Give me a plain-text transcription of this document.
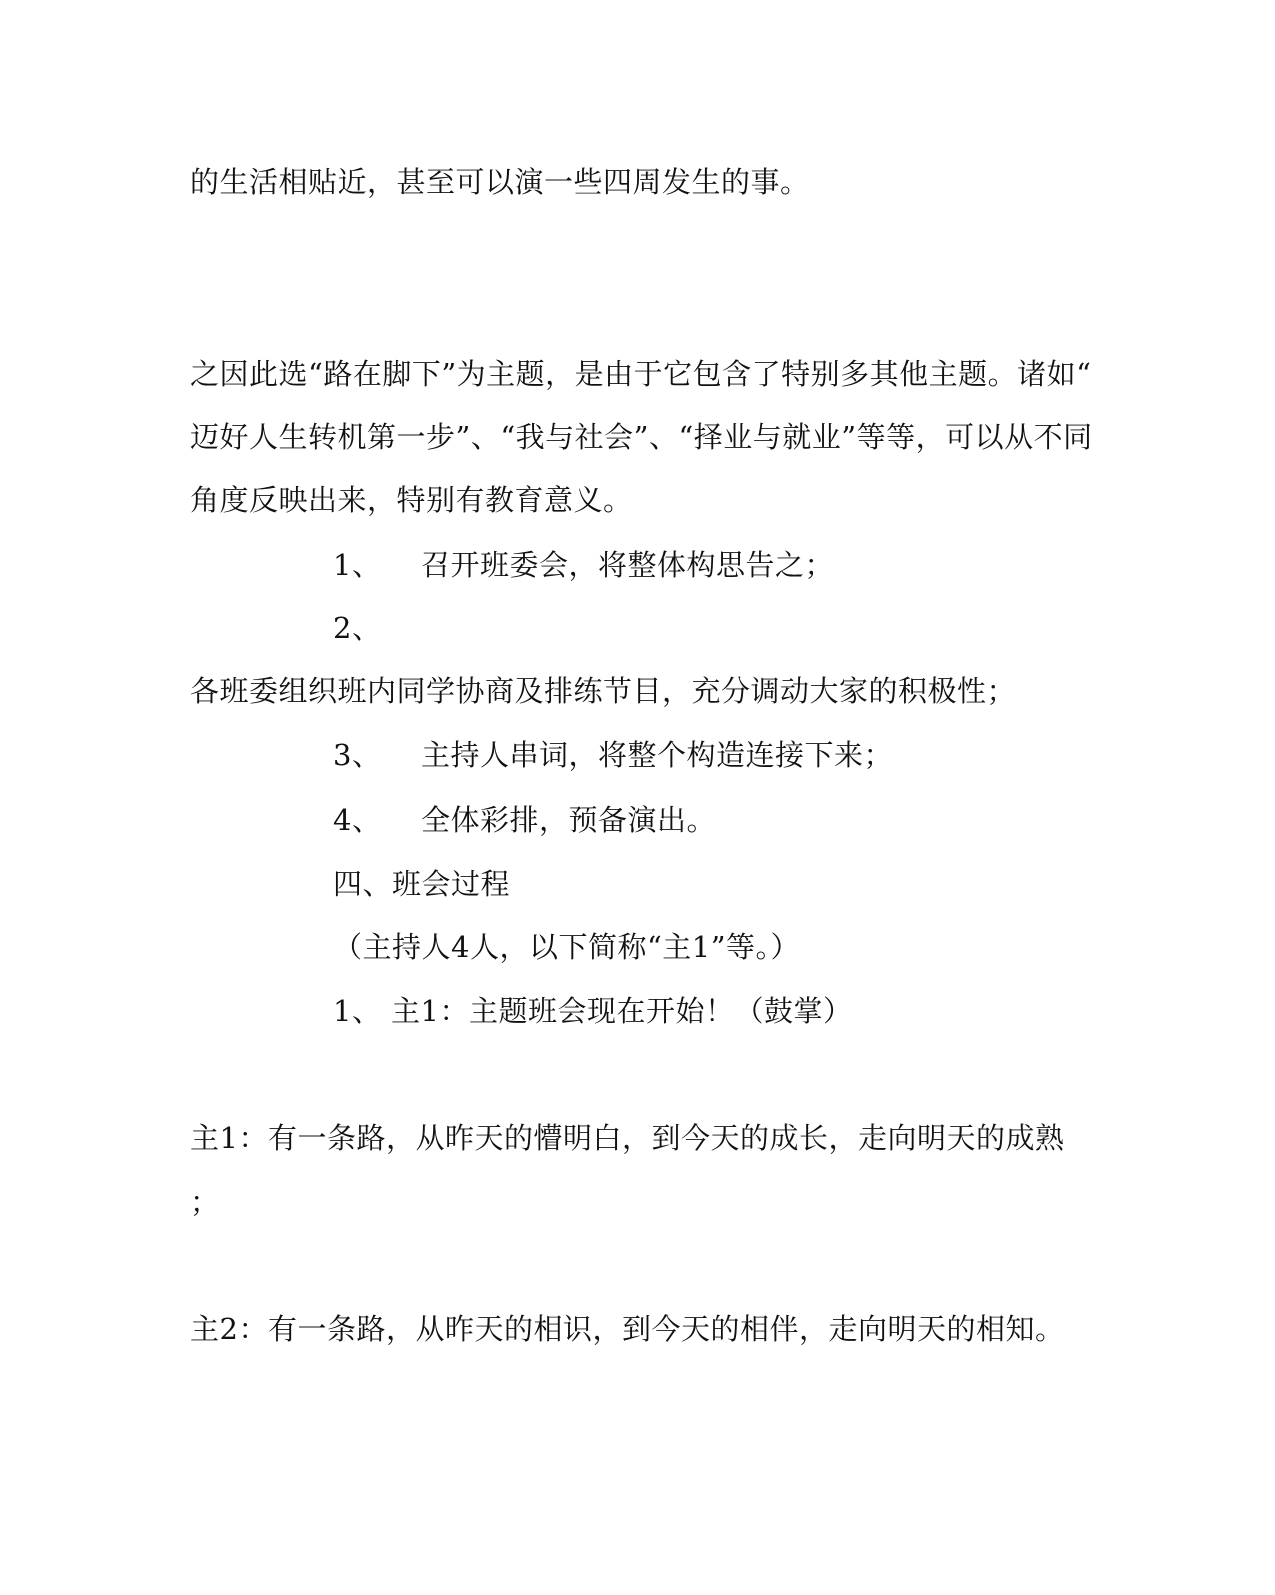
的生活相贴近，甚至可以演一些四周发生的事。
之因此选“路在脚下”为主题，是由于它包含了特别多其他主题。诸如“
迈好人生转机第一步”、“我与社会”、“择业与就业”等等，可以从不同
角度反映出来，特别有教育意义。
1、 召开班委会，将整体构思告之；
2、
各班委组织班内同学协商及排练节目，充分调动大家的积极性；
3、 主持人串词，将整个构造连接下来；
4、 全体彩排，预备演出。
四、班会过程
（主持人4人，以下简称“主1”等。）
1、 主1：主题班会现在开始！（鼓掌）
主1：有一条路，从昨天的懵明白，到今天的成长，走向明天的成熟
；
主2：有一条路，从昨天的相识，到今天的相伴，走向明天的相知。
